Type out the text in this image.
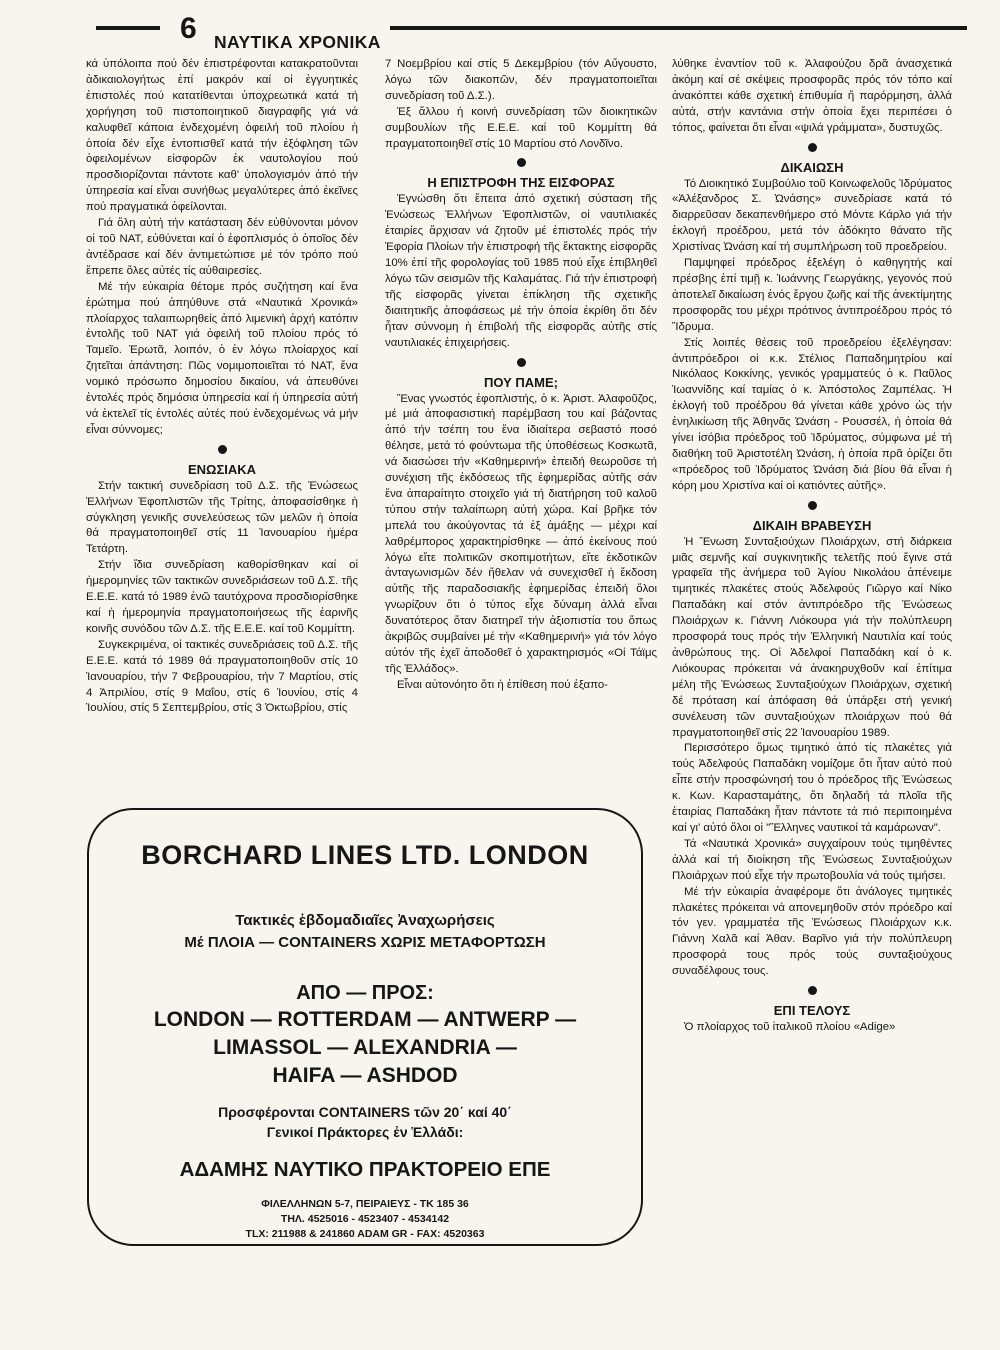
6 ΝΑΥΤΙΚΑ ΧΡΟΝΙΚΑ

κά ὑπόλοιπα πού δέν ἐπιστρέφονται κατακρατοῦνται ἀδικαιολογήτως ἐπί μακρόν καί οἱ ἐγγυητικές ἐπιστολές πού κατατίθενται ὑποχρεωτικά κατά τή χορήγηση τοῦ πιστοποιητικοῦ διαγραφῆς γιά νά καλυφθεῖ κάποια ἐνδεχομένη ὀφειλή τοῦ πλοίου ἡ ὁποία δέν εἶχε ἐντοπισθεῖ κατά τήν ἐξόφληση τῶν ὀφειλομένων εἰσφορῶν ἐκ ναυτολογίου πού προσδιορίζονται πάντοτε καθ' ὑπολογισμόν ἀπό τήν ὑπηρεσία καί εἶναι συνήθως μεγαλύτερες ἀπό ἐκεῖνες πού πραγματικά ὀφείλονται.

Γιά ὅλη αὐτή τήν κατάσταση δέν εὐθύνονται μόνον οἱ τοῦ ΝΑΤ, εὐθύνεται καί ὁ ἐφοπλισμός ὁ ὁποῖος δέν ἀντέδρασε καί δέν ἀντιμετώπισε μέ τόν τρόπο πού ἔπρεπε ὅλες αὐτές τίς αὐθαιρεσίες.

Μέ τήν εὐκαιρία θέτομε πρός συζήτηση καί ἕνα ἐρώτημα πού ἀπηύθυνε στά «Ναυτικά Χρονικά» πλοίαρχος ταλαιπωρηθείς ἀπό λιμενική ἀρχή κατόπιν ἐντολῆς τοῦ ΝΑΤ γιά ὀφειλή τοῦ πλοίου πρός τό Ταμεῖο. Ἐρωτᾶ, λοιπόν, ὁ ἐν λόγω πλοίαρχος καί ζητεῖται ἀπάντηση: Πῶς νομιμοποιεῖται τό ΝΑΤ, ἕνα νομικό πρόσωπο δημοσίου δικαίου, νά ἀπευθύνει ἐντολές πρός δημόσια ὑπηρεσία καί ἡ ὑπηρεσία αὐτή νά ἐκτελεῖ τίς ἐντολές αὐτές πού ἐνδεχομένως νά μήν εἶναι σύννομες;

ΕΝΩΣΙΑΚΑ

Στήν τακτική συνεδρίαση τοῦ Δ.Σ. τῆς Ἑνώσεως Ἑλλήνων Ἐφοπλιστῶν τῆς Τρίτης, ἀποφασίσθηκε ἡ σύγκληση γενικῆς συνελεύσεως τῶν μελῶν ἡ ὁποία θά πραγματοποιηθεῖ στίς 11 Ἰανουαρίου ἡμέρα Τετάρτη.

Στήν ἴδια συνεδρίαση καθορίσθηκαν καί οἱ ἡμερομηνίες τῶν τακτικῶν συνεδριάσεων τοῦ Δ.Σ. τῆς Ε.Ε.Ε. κατά τό 1989 ἐνῶ ταυτόχρονα προσδιορίσθηκε καί ἡ ἡμερομηνία πραγματοποιήσεως τῆς ἐαρινῆς κοινῆς συνόδου τῶν Δ.Σ. τῆς Ε.Ε.Ε. καί τοῦ Κομμίττη.

Συγκεκριμένα, οἱ τακτικές συνεδριάσεις τοῦ Δ.Σ. τῆς Ε.Ε.Ε. κατά τό 1989 θά πραγματοποιηθοῦν στίς 10 Ἰανουαρίου, τήν 7 Φεβρουαρίου, τήν 7 Μαρτίου, στίς 4 Ἀπριλίου, στίς 9 Μαΐου, στίς 6 Ἰουνίου, στίς 4 Ἰουλίου, στίς 5 Σεπτεμβρίου, στίς 3 Ὀκτωβρίου, στίς

7 Νοεμβρίου καί στίς 5 Δεκεμβρίου (τόν Αὔγουστο, λόγω τῶν διακοπῶν, δέν πραγματοποιεῖται συνεδρίαση τοῦ Δ.Σ.).

Ἐξ ἄλλου ἡ κοινή συνεδρίαση τῶν διοικητικῶν συμβουλίων τῆς Ε.Ε.Ε. καί τοῦ Κομμίττη θά πραγματοποιηθεῖ στίς 10 Μαρτίου στό Λονδῖνο.

Η ΕΠΙΣΤΡΟΦΗ ΤΗΣ ΕΙΣΦΟΡΑΣ

Ἐγνώσθη ὅτι ἔπειτα ἀπό σχετική σύσταση τῆς Ἑνώσεως Ἑλλήνων Ἐφοπλιστῶν, οἱ ναυτιλιακές ἑταιρίες ἄρχισαν νά ζητοῦν μέ ἐπιστολές πρός τήν Ἐφορία Πλοίων τήν ἐπιστροφή τῆς ἔκτακτης εἰσφορᾶς 10% ἐπί τῆς φορολογίας τοῦ 1985 πού εἶχε ἐπιβληθεῖ λόγω τῶν σεισμῶν τῆς Καλαμάτας. Γιά τήν ἐπιστροφή τῆς εἰσφορᾶς γίνεται ἐπίκληση τῆς σχετικῆς διαιτητικῆς ἀποφάσεως μέ τήν ὁποία ἐκρίθη ὅτι δέν ἦταν σύννομη ἡ ἐπιβολή τῆς εἰσφορᾶς αὐτῆς στίς ναυτιλιακές ἐπιχειρήσεις.

ΠΟΥ ΠΑΜΕ;

Ἕνας γνωστός ἐφοπλιστής, ὁ κ. Ἀριστ. Ἀλαφοῦζος, μέ μιά ἀποφασιστική παρέμβαση του καί βάζοντας ἀπό τήν τσέπη του ἕνα ἰδιαίτερα σεβαστό ποσό θέλησε, μετά τό φούντωμα τῆς ὑποθέσεως Κοσκωτᾶ, νά διασώσει τήν «Καθημερινή» ἐπειδή θεωροῦσε τή συνέχιση τῆς ἐκδόσεως τῆς ἐφημερίδας αὐτῆς σάν ἕνα ἀπαραίτητο στοιχεῖο γιά τή διατήρηση τοῦ καλοῦ τύπου στήν ταλαίπωρη αὐτή χώρα. Καί βρῆκε τόν μπελά του ἀκούγοντας τά ἐξ ἁμάξης — μέχρι καί λαθρέμπορος χαρακτηρίσθηκε — ἀπό ἐκείνους πού λόγω εἴτε πολιτικῶν σκοπιμοτήτων, εἴτε ἐκδοτικῶν ἀνταγωνισμῶν δέν ἤθελαν νά συνεχισθεῖ ἡ ἔκδοση αὐτῆς τῆς παραδοσιακῆς ἐφημερίδας ἐπειδή ὅλοι γνωρίζουν ὅτι ὁ τύπος εἶχε δύναμη ἀλλά εἶναι δυνατότερος ὅταν διατηρεῖ τήν ἀξιοπιστία του ὅπως ἀκριβῶς συμβαίνει μέ τήν «Καθημερινή» γιά τόν λόγο αὐτόν τῆς ἐχεῖ ἀποδοθεῖ ὁ χαρακτηρισμός «Οἱ Τάϊμς τῆς Ἑλλάδος».

Εἶναι αὐτονόητο ὅτι ἡ ἐπίθεση πού ἐξαπο-

λύθηκε ἐναντίον τοῦ κ. Ἀλαφούζου δρᾶ ἀνασχετικά ἀκόμη καί σέ σκέψεις προσφορᾶς πρός τόν τόπο καί ἀνακόπτει κάθε σχετική ἐπιθυμία ἤ παρόρμηση, ἀλλά αὐτά, στήν καντάνια στήν ὁποία ἔχει περιπέσει ὁ τόπος, φαίνεται ὅτι εἶναι «ψιλά γράμματα», δυστυχῶς.

ΔΙΚΑΙΩΣΗ

Τό Διοικητικό Συμβούλιο τοῦ Κοινωφελοῦς Ἱδρύματος «Ἀλέξανδρος Σ. Ὠνάσης» συνεδρίασε κατά τό διαρρεῦσαν δεκαπενθήμερο στό Μόντε Κάρλο γιά τήν ἐκλογή προέδρου, μετά τόν ἀδόκητο θάνατο τῆς Χριστίνας Ὠνάση καί τή συμπλήρωση τοῦ προεδρείου.

Παμψηφεί πρόεδρος ἐξελέγη ὁ καθηγητής καί πρέσβης ἐπί τιμῇ κ. Ἰωάννης Γεωργάκης, γεγονός πού ἀποτελεῖ δικαίωση ἑνός ἔργου ζωῆς καί τῆς ἀνεκτίμητης προσφορᾶς του μέχρι πρότινος ἀντιπροέδρου πρός τό Ἵδρυμα.

Στίς λοιπές θέσεις τοῦ προεδρείου ἐξελέγησαν: ἀντιπρόεδροι οἱ κ.κ. Στέλιος Παπαδημητρίου καί Νικόλαος Κοκκίνης, γενικός γραμματεύς ὁ κ. Παῦλος Ἰωαννίδης καί ταμίας ὁ κ. Ἀπόστολος Ζαμπέλας. Ἡ ἐκλογή τοῦ προέδρου θά γίνεται κάθε χρόνο ὡς τήν ἐνηλικίωση τῆς Ἀθηνᾶς Ὠνάση - Ρουσσέλ, ἡ ὁποία θά γίνει ἰσόβια πρόεδρος τοῦ Ἱδρύματος, σύμφωνα μέ τή διαθήκη τοῦ Ἀριστοτέλη Ὠνάση, ἡ ὁποία πρᾶ ὁρίζει ὅτι «πρόεδρος τοῦ Ἱδρύματος Ὠνάση διά βίου θά εἶναι ἡ κόρη μου Χριστίνα καί οἱ κατιόντες αὐτῆς».

ΔΙΚΑΙΗ ΒΡΑΒΕΥΣΗ

Ἡ Ἕνωση Συνταξιούχων Πλοιάρχων, στή διάρκεια μιᾶς σεμνῆς καί συγκινητικῆς τελετῆς πού ἔγινε στά γραφεῖα τῆς ἀνήμερα τοῦ Ἁγίου Νικολάου ἀπένειμε τιμητικές πλακέτες στούς Ἀδελφούς Γιῶργο καί Νίκο Παπαδάκη καί στόν ἀντιπρόεδρο τῆς Ἑνώσεως Πλοιάρχων κ. Γιάννη Λιόκουρα γιά τήν πολύπλευρη προσφορά τους πρός τήν Ἑλληνική Ναυτιλία καί τούς ἀνθρώπους της. Οἱ Ἀδελφοί Παπαδάκη καί ὁ κ. Λιόκουρας πρόκειται νά ἀνακηρυχθοῦν καί ἐπίτιμα μέλη τῆς Ἑνώσεως Συνταξιούχων Πλοιάρχων, σχετική δέ πρόταση καί ἀπόφαση θά ὑπάρξει στή γενική συνέλευση τῶν συνταξιούχων πλοιάρχων πού θά πραγματοποιηθεῖ στίς 22 Ἰανουαρίου 1989.

Περισσότερο ὅμως τιμητικό ἀπό τίς πλακέτες γιά τούς Ἀδελφούς Παπαδάκη νομίζομε ὅτι ἦταν αὐτό πού εἶπε στήν προσφώνησή του ὁ πρόεδρος τῆς Ἑνώσεως κ. Κων. Καρασταμάτης, ὅτι δηλαδή τά πλοῖα τῆς ἑταιρίας Παπαδάκη ἦταν πάντοτε τά πιό περιποιημένα καί γι' αὐτό ὅλοι οἱ "Ἕλληνες ναυτικοί τά καμάρωναν".

Τά «Ναυτικά Χρονικά» συγχαίρουν τούς τιμηθέντες ἀλλά καί τή διοίκηση τῆς Ἑνώσεως Συνταξιούχων Πλοιάρχων πού εἶχε τήν πρωτοβουλία νά τούς τιμήσει.

Μέ τήν εὐκαιρία ἀναφέρομε ὅτι ἀνάλογες τιμητικές πλακέτες πρόκειται νά απονεμηθοῦν στόν πρόεδρο καί τόν γεν. γραμματέα τῆς Ἑνώσεως Πλοιάρχων κ.κ. Γιάννη Χαλᾶ καί Ἀθαν. Βαρῖνο γιά τήν πολύπλευρη προσφορά τους πρός τούς συνταξιούχους συναδέλφους τους.

ΕΠΙ ΤΕΛΟΥΣ

Ὁ πλοίαρχος τοῦ ἰταλικοῦ πλοίου «Adige»

BORCHARD LINES LTD. LONDON
Τακτικές ἑβδομαδιαῖες Ἀναχωρήσεις
Μέ ΠΛΟΙΑ — CONTAINERS ΧΩΡΙΣ ΜΕΤΑΦΟΡΤΩΣΗ
ΑΠΟ — ΠΡΟΣ:
LONDON — ROTTERDAM — ANTWERP —
LIMASSOL — ALEXANDRIA —
HAIFA — ASHDOD
Προσφέρονται CONTAINERS τῶν 20΄ καί 40΄
Γενικοί Πράκτορες ἐν Ἑλλάδι:
ΑΔΑΜΗΣ ΝΑΥΤΙΚΟ ΠΡΑΚΤΟΡΕΙΟ ΕΠΕ
ΦΙΛΕΛΛΗΝΩΝ 5-7, ΠΕΙΡΑΙΕΥΣ - ΤΚ 185 36
ΤΗΛ. 4525016 - 4523407 - 4534142
TLX: 211988 & 241860 ADAM GR - FAX: 4520363
